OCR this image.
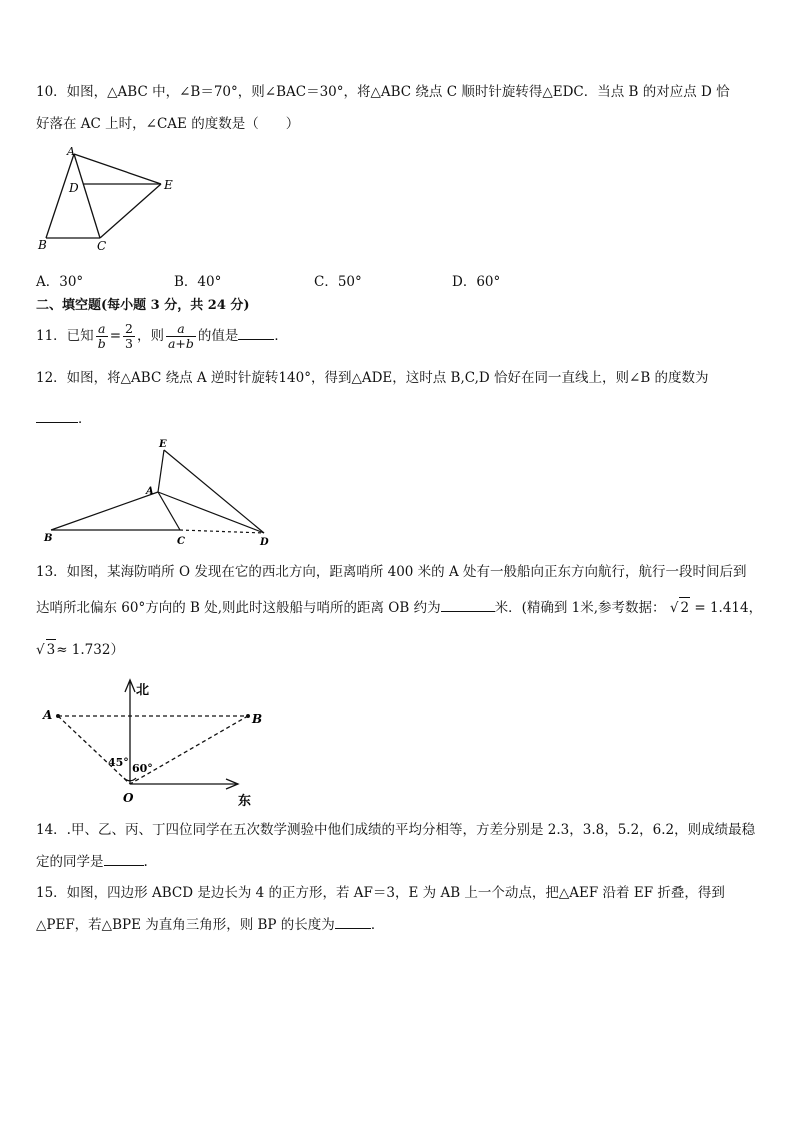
10．如图，△ABC 中，∠B＝70°，则∠BAC＝30°，将△ABC 绕点 C 顺时针旋转得△EDC．当点 B 的对应点 D 恰
好落在 AC 上时，∠CAE 的度数是（　　）
A
D	E
B	C
A．30°	B．40°	C．50°	D．60°
二、填空题(每小题 3 分，共 24 分)
11．已知 $\frac{a}{b} = \frac{2}{3}$ ，则 $\frac{a}{a+b}$ 的值是	．
12．如图，将△ABC 绕点 A 逆时针旋转140°，得到△ADE，这时点 B,C,D 恰好在同一直线上，则∠B 的度数为
．
E
A
B	C	D
13．如图，某海防哨所 O 发现在它的西北方向，距离哨所 400 米的 A 处有一般船向正东方向航行，航行一段时间后到
达哨所北偏东 60°方向的 B 处,则此时这般船与哨所的距离 OB 约为	米．(精确到 1米,参考数据： √ 2 = 1.414，
√ 3≈ 1.732）
北
A	B
45° 60°
O	东
14．.甲、乙、丙、丁四位同学在五次数学测验中他们成绩的平均分相等，方差分别是 2.3，3.8，5.2，6.2，则成绩最稳
定的同学是	.
15．如图，四边形 ABCD 是边长为 4 的正方形，若 AF＝3，E 为 AB 上一个动点，把△AEF 沿着 EF 折叠，得到
△PEF，若△BPE 为直角三角形，则 BP 的长度为	．
